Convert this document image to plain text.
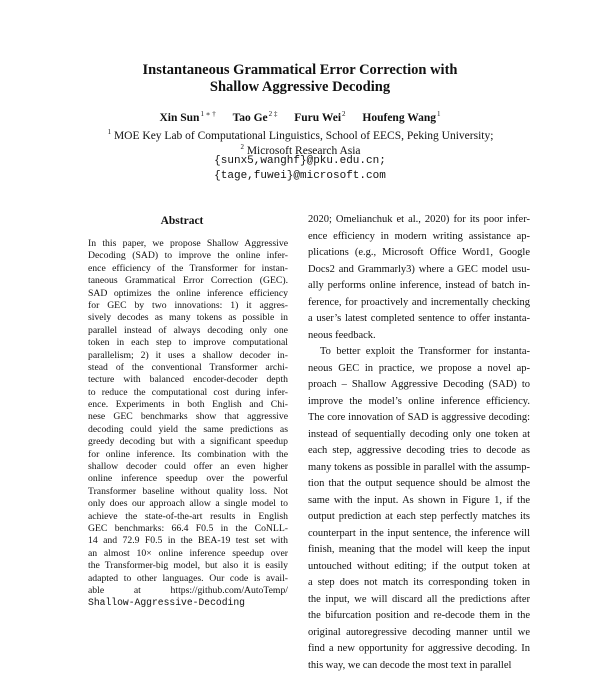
Instantaneous Grammatical Error Correction with
Shallow Aggressive Decoding
Xin Sun$^{1 ∗ \dagger}$ Tao $Ge^{2 \ddagger}$ Furu Wei$^2$ Houfeng Wang$^1$
$^1$ MOE Key Lab of Computational Linguistics, School of EECS, Peking University;
$^2$ Microsoft Research Asia
{sunx5,wanghf}@pku.edu.cn;
{tage,fuwei}@microsoft.com
Abstract
In this paper, we propose Shallow Aggressive
Decoding (SAD) to improve the online infer-
ence efficiency of the Transformer for instan-
taneous Grammatical Error Correction (GEC).
SAD optimizes the online inference efficiency
for GEC by two innovations: 1) it aggres-
sively decodes as many tokens as possible in
parallel instead of always decoding only one
token in each step to improve computational
parallelism; 2) it uses a shallow decoder in-
stead of the conventional Transformer archi-
tecture with balanced encoder-decoder depth
to reduce the computational cost during infer-
ence. Experiments in both English and Chi-
nese GEC benchmarks show that aggressive
decoding could yield the same predictions as
greedy decoding but with a significant speedup
for online inference. Its combination with the
shallow decoder could offer an even higher
online inference speedup over the powerful
Transformer baseline without quality loss. Not
only does our approach allow a single model to
achieve the state-of-the-art results in English
GEC benchmarks: 66.4 F0.5 in the CoNLL-
14 and 72.9 F0.5 in the BEA-19 test set with
an almost 10× online inference speedup over
the Transformer-big model, but also it is easily
adapted to other languages. Our code is avail-
able at https://github.com/AutoTemp/
Shallow-Aggressive-Decoding
2020; Omelianchuk et al., 2020) for its poor infer-
ence efficiency in modern writing assistance ap-
plications (e.g., Microsoft Office Word1, Google
Docs2 and Grammarly3) where a GEC model usu-
ally performs online inference, instead of batch in-
ference, for proactively and incrementally checking
a user’s latest completed sentence to offer instanta-
neous feedback.
To better exploit the Transformer for instanta-
neous GEC in practice, we propose a novel ap-
proach – Shallow Aggressive Decoding (SAD) to
improve the model’s online inference efficiency.
The core innovation of SAD is aggressive decoding:
instead of sequentially decoding only one token at
each step, aggressive decoding tries to decode as
many tokens as possible in parallel with the assump-
tion that the output sequence should be almost the
same with the input. As shown in Figure 1, if the
output prediction at each step perfectly matches its
counterpart in the input sentence, the inference will
finish, meaning that the model will keep the input
untouched without editing; if the output token at
a step does not match its corresponding token in
the input, we will discard all the predictions after
the bifurcation position and re-decode them in the
original autoregressive decoding manner until we
find a new opportunity for aggressive decoding. In
this way, we can decode the most text in parallel
